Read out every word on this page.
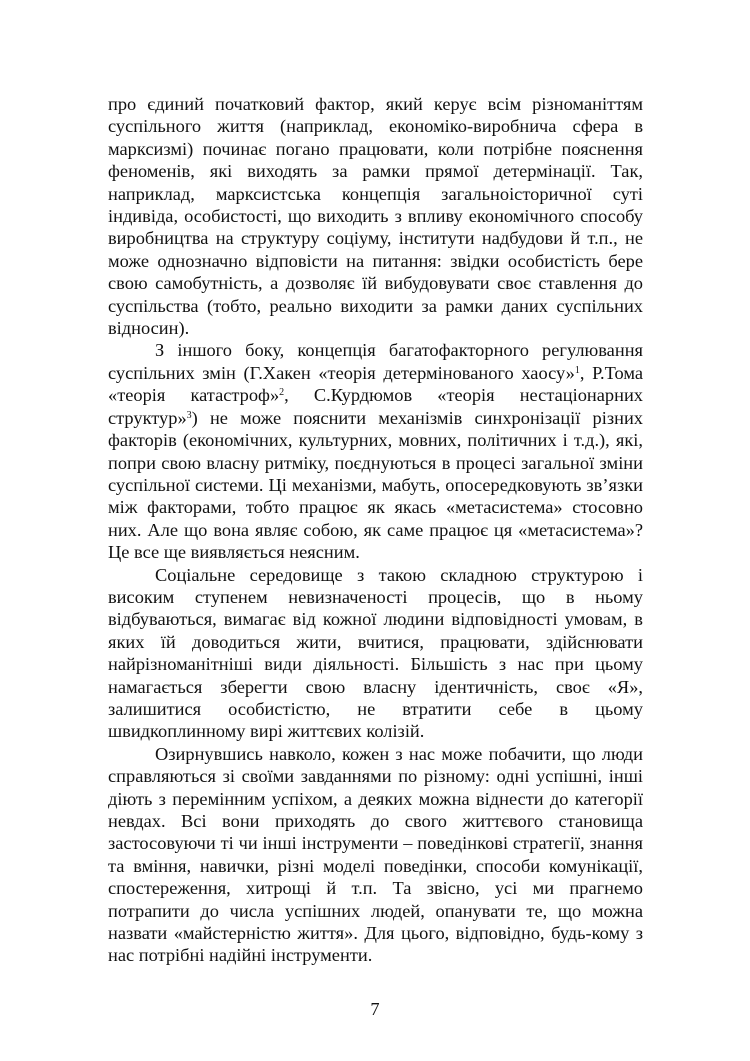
про єдиний початковий фактор, який керує всім різноманіттям суспільного життя (наприклад, економіко-виробнича сфера в марксизмі) починає погано працювати, коли потрібне пояснення феноменів, які виходять за рамки прямої детермінації. Так, наприклад, марксистська концепція загальноісторичної суті індивіда, особистості, що виходить з впливу економічного способу виробництва на структуру соціуму, інститути надбудови й т.п., не може однозначно відповісти на питання: звідки особистість бере свою самобутність, а дозволяє їй вибудовувати своє ставлення до суспільства (тобто, реально виходити за рамки даних суспільних відносин).

З іншого боку, концепція багатофакторного регулювання суспільних змін (Г.Хакен «теорія детермінованого хаосу»$^1$, Р.Тома «теорія катастроф»$^2$, С.Курдюмов «теорія нестаціонарних структур»$^3$) не може пояснити механізмів синхронізації різних факторів (економічних, культурних, мовних, політичних і т.д.), які, попри свою власну ритміку, поєднуються в процесі загальної зміни суспільної системи. Ці механізми, мабуть, опосередковують зв’язки між факторами, тобто працює як якась «метасистема» стосовно них. Але що вона являє собою, як саме працює ця «метасистема»? Це все ще виявляється неясним.

Соціальне середовище з такою складною структурою і високим ступенем невизначеності процесів, що в ньому відбуваються, вимагає від кожної людини відповідності умовам, в яких їй доводиться жити, вчитися, працювати, здійснювати найрізноманітніші види діяльності. Більшість з нас при цьому намагається зберегти свою власну ідентичність, своє «Я», залишитися особистістю, не втратити себе в цьому швидкоплинному вирі життєвих колізій.

Озирнувшись навколо, кожен з нас може побачити, що люди справляються зі своїми завданнями по різному: одні успішні, інші діють з перемінним успіхом, а деяких можна віднести до категорії невдах. Всі вони приходять до свого життєвого становища застосовуючи ті чи інші інструменти – поведінкові стратегії, знання та вміння, навички, різні моделі поведінки, способи комунікації, спостереження, хитрощі й т.п. Та звісно, усі ми прагнемо потрапити до числа успішних людей, опанувати те, що можна назвати «майстерністю життя». Для цього, відповідно, будь-кому з нас потрібні надійні інструменти.

7
